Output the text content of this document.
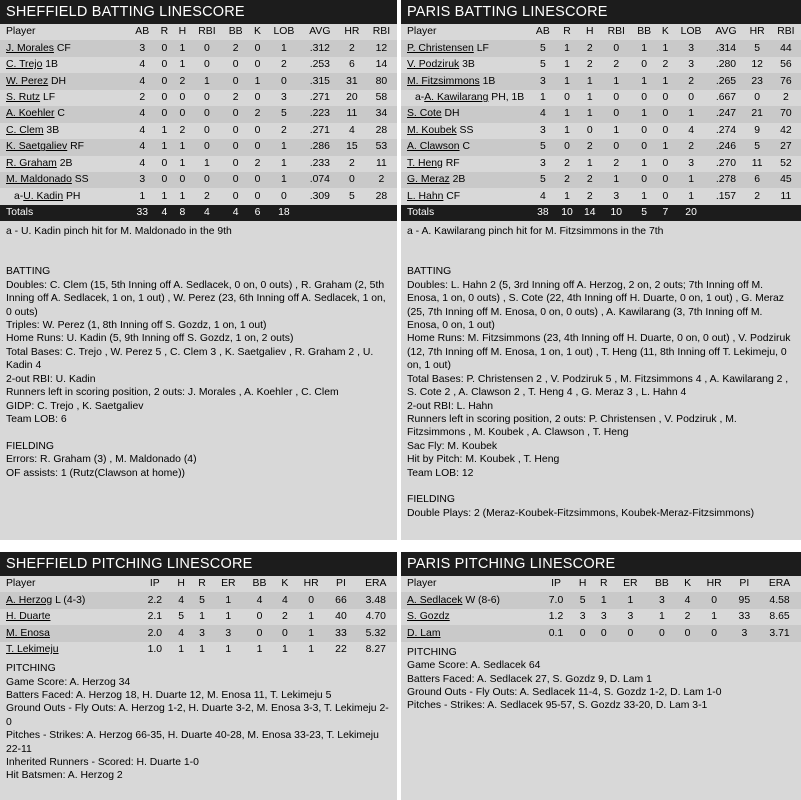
SHEFFIELD BATTING LINESCORE
Player	AB	R	H	RBI	BB	K	LOB	AVG	HR	RBI
J. Morales CF	3	0	1	0	2	0	1	.312	2	12
C. Trejo 1B	4	0	1	0	0	0	2	.253	6	14
W. Perez DH	4	0	2	1	0	1	0	.315	31	80
S. Rutz LF	2	0	0	0	2	0	3	.271	20	58
A. Koehler C	4	0	0	0	0	2	5	.223	11	34
C. Clem 3B	4	1	2	0	0	0	2	.271	4	28
K. Saetgaliev RF	4	1	1	0	0	0	1	.286	15	53
R. Graham 2B	4	0	1	1	0	2	1	.233	2	11
M. Maldonado SS	3	0	0	0	0	0	1	.074	0	2
a-U. Kadin PH	1	1	1	2	0	0	0	.309	5	28
Totals	33	4	8	4	4	6	18			
a - U. Kadin pinch hit for M. Maldonado in the 9th
BATTING
Doubles: C. Clem (15, 5th Inning off A. Sedlacek, 0 on, 0 outs) , R. Graham (2, 5th Inning off A. Sedlacek, 1 on, 1 out) , W. Perez (23, 6th Inning off A. Sedlacek, 1 on, 0 outs)
Triples: W. Perez (1, 8th Inning off S. Gozdz, 1 on, 1 out)
Home Runs: U. Kadin (5, 9th Inning off S. Gozdz, 1 on, 2 outs)
Total Bases: C. Trejo , W. Perez 5 , C. Clem 3 , K. Saetgaliev , R. Graham 2 , U. Kadin 4
2-out RBI: U. Kadin
Runners left in scoring position, 2 outs: J. Morales , A. Koehler , C. Clem
GIDP: C. Trejo , K. Saetgaliev
Team LOB: 6
FIELDING
Errors: R. Graham (3) , M. Maldonado (4)
OF assists: 1 (Rutz(Clawson at home))
PARIS BATTING LINESCORE
Player	AB	R	H	RBI	BB	K	LOB	AVG	HR	RBI
P. Christensen LF	5	1	2	0	1	1	3	.314	5	44
V. Podziruk 3B	5	1	2	2	0	2	3	.280	12	56
M. Fitzsimmons 1B	3	1	1	1	1	1	2	.265	23	76
a-A. Kawilarang PH, 1B	1	0	1	0	0	0	0	.667	0	2
S. Cote DH	4	1	1	0	1	0	1	.247	21	70
M. Koubek SS	3	1	0	1	0	0	4	.274	9	42
A. Clawson C	5	0	2	0	0	1	2	.246	5	27
T. Heng RF	3	2	1	2	1	0	3	.270	11	52
G. Meraz 2B	5	2	2	1	0	0	1	.278	6	45
L. Hahn CF	4	1	2	3	1	0	1	.157	2	11
Totals	38	10	14	10	5	7	20			
a - A. Kawilarang pinch hit for M. Fitzsimmons in the 7th
BATTING
Doubles: L. Hahn 2 (5, 3rd Inning off A. Herzog, 2 on, 2 outs; 7th Inning off M. Enosa, 1 on, 0 outs) , S. Cote (22, 4th Inning off H. Duarte, 0 on, 1 out) , G. Meraz (25, 7th Inning off M. Enosa, 0 on, 0 outs) , A. Kawilarang (3, 7th Inning off M. Enosa, 0 on, 1 out)
Home Runs: M. Fitzsimmons (23, 4th Inning off H. Duarte, 0 on, 0 out) , V. Podziruk (12, 7th Inning off M. Enosa, 1 on, 1 out) , T. Heng (11, 8th Inning off T. Lekimeju, 0 on, 1 out)
Total Bases: P. Christensen 2 , V. Podziruk 5 , M. Fitzsimmons 4 , A. Kawilarang 2 , S. Cote 2 , A. Clawson 2 , T. Heng 4 , G. Meraz 3 , L. Hahn 4
2-out RBI: L. Hahn
Runners left in scoring position, 2 outs: P. Christensen , V. Podziruk , M. Fitzsimmons , M. Koubek , A. Clawson , T. Heng
Sac Fly: M. Koubek
Hit by Pitch: M. Koubek , T. Heng
Team LOB: 12
FIELDING
Double Plays: 2 (Meraz-Koubek-Fitzsimmons, Koubek-Meraz-Fitzsimmons)
SHEFFIELD PITCHING LINESCORE
Player	IP	H	R	ER	BB	K	HR	PI	ERA
A. Herzog L (4-3)	2.2	4	5	1	4	4	0	66	3.48
H. Duarte	2.1	5	1	1	0	2	1	40	4.70
M. Enosa	2.0	4	3	3	0	0	1	33	5.32
T. Lekimeju	1.0	1	1	1	1	1	1	22	8.27
PITCHING
Game Score: A. Herzog 34
Batters Faced: A. Herzog 18, H. Duarte 12, M. Enosa 11, T. Lekimeju 5
Ground Outs - Fly Outs: A. Herzog 1-2, H. Duarte 3-2, M. Enosa 3-3, T. Lekimeju 2-0
Pitches - Strikes: A. Herzog 66-35, H. Duarte 40-28, M. Enosa 33-23, T. Lekimeju 22-11
Inherited Runners - Scored: H. Duarte 1-0
Hit Batsmen: A. Herzog 2
PARIS PITCHING LINESCORE
Player	IP	H	R	ER	BB	K	HR	PI	ERA
A. Sedlacek W (8-6)	7.0	5	1	1	3	4	0	95	4.58
S. Gozdz	1.2	3	3	3	1	2	1	33	8.65
D. Lam	0.1	0	0	0	0	0	0	3	3.71
PITCHING
Game Score: A. Sedlacek 64
Batters Faced: A. Sedlacek 27, S. Gozdz 9, D. Lam 1
Ground Outs - Fly Outs: A. Sedlacek 11-4, S. Gozdz 1-2, D. Lam 1-0
Pitches - Strikes: A. Sedlacek 95-57, S. Gozdz 33-20, D. Lam 3-1
